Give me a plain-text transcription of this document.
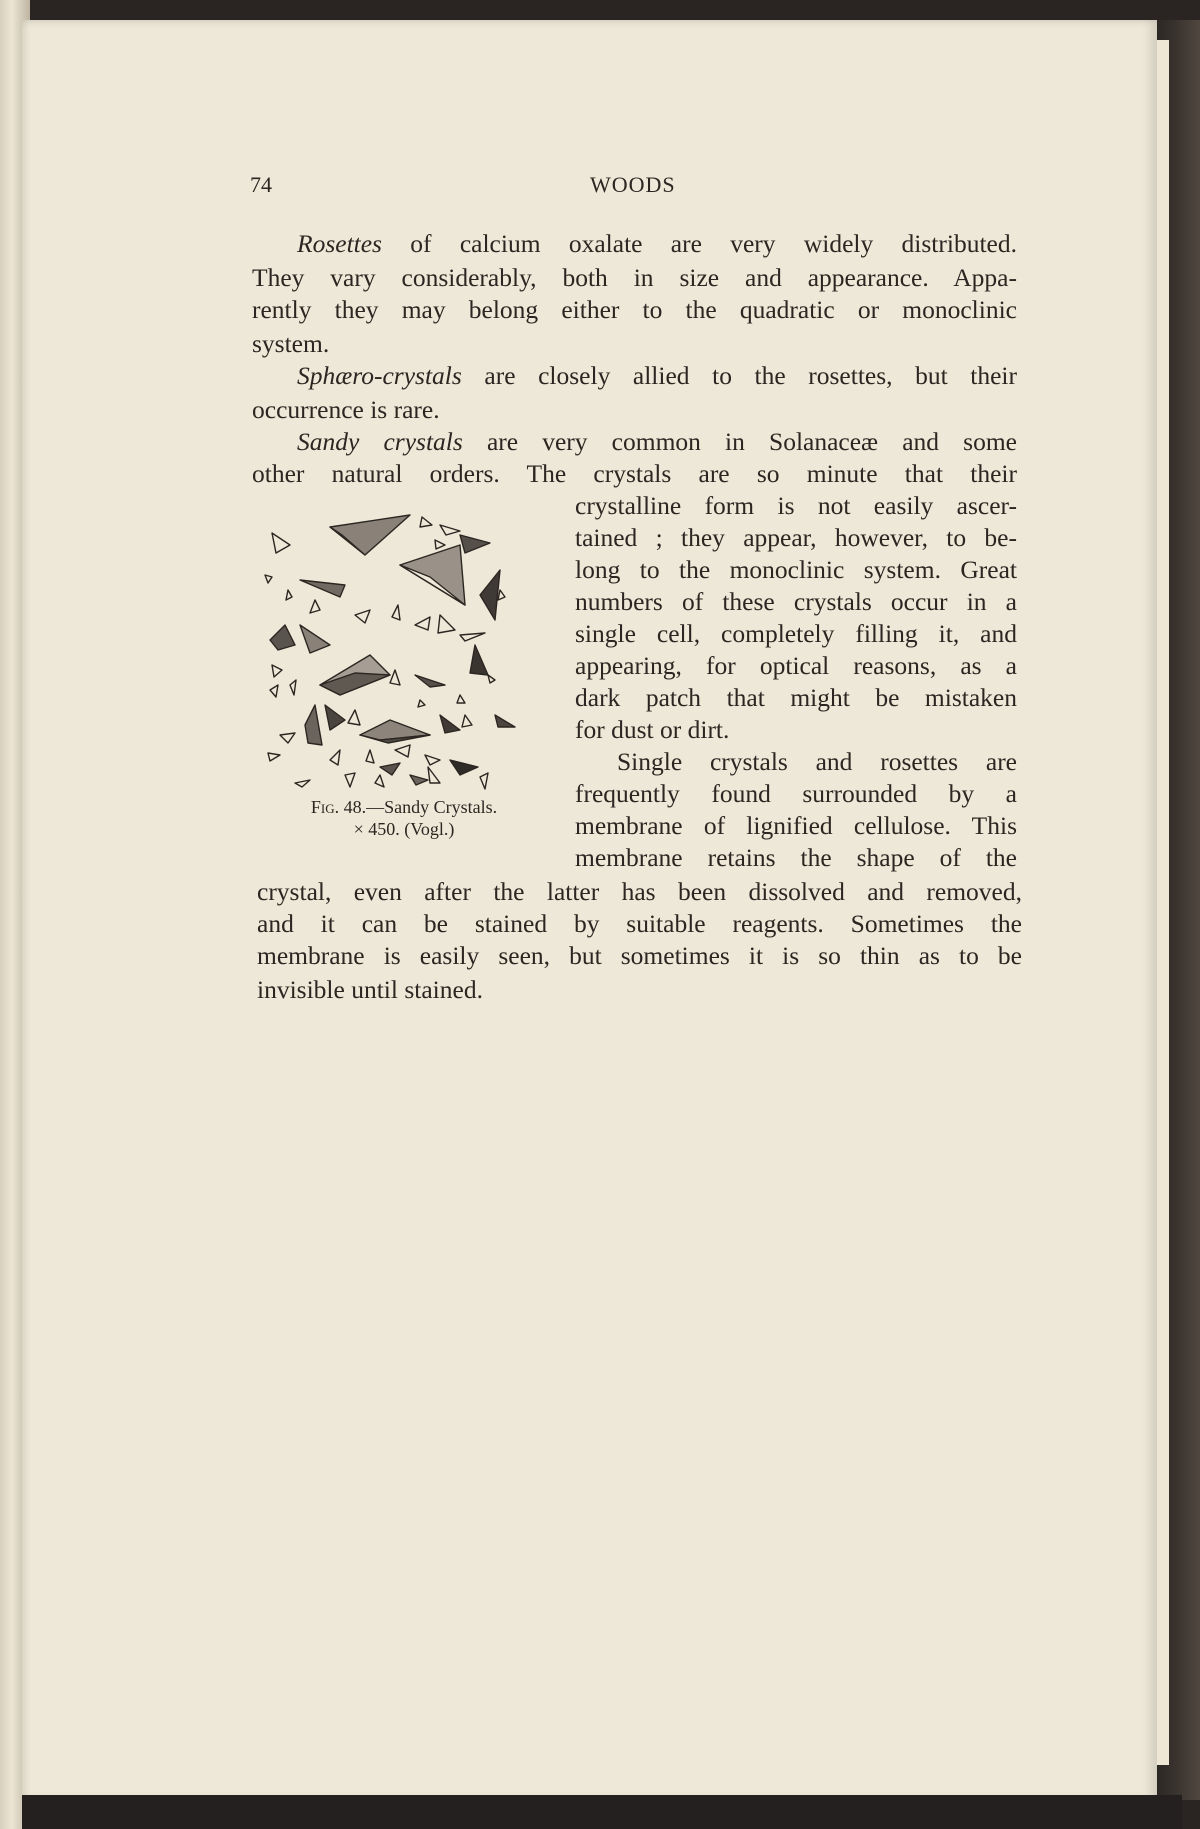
74	WOODS
Rosettes of calcium oxalate are very widely distributed.
They vary considerably, both in size and appearance. Appa-
rently they may belong either to the quadratic or monoclinic
system.
Sphæro-crystals are closely allied to the rosettes, but their
occurrence is rare.
Sandy crystals are very common in Solanaceæ and some
other natural orders. The crystals are so minute that their
crystalline form is not easily ascer-
tained ; they appear, however, to be-
long to the monoclinic system. Great
numbers of these crystals occur in a
single cell, completely filling it, and
appearing, for optical reasons, as a
dark patch that might be mistaken
for dust or dirt.
Single crystals and rosettes are
frequently found surrounded by a
membrane of lignified cellulose. This
membrane retains the shape of the
crystal, even after the latter has been dissolved and removed,
and it can be stained by suitable reagents. Sometimes the
membrane is easily seen, but sometimes it is so thin as to be
invisible until stained.
Fig. 48.—Sandy Crystals.
× 450. (Vogl.)
